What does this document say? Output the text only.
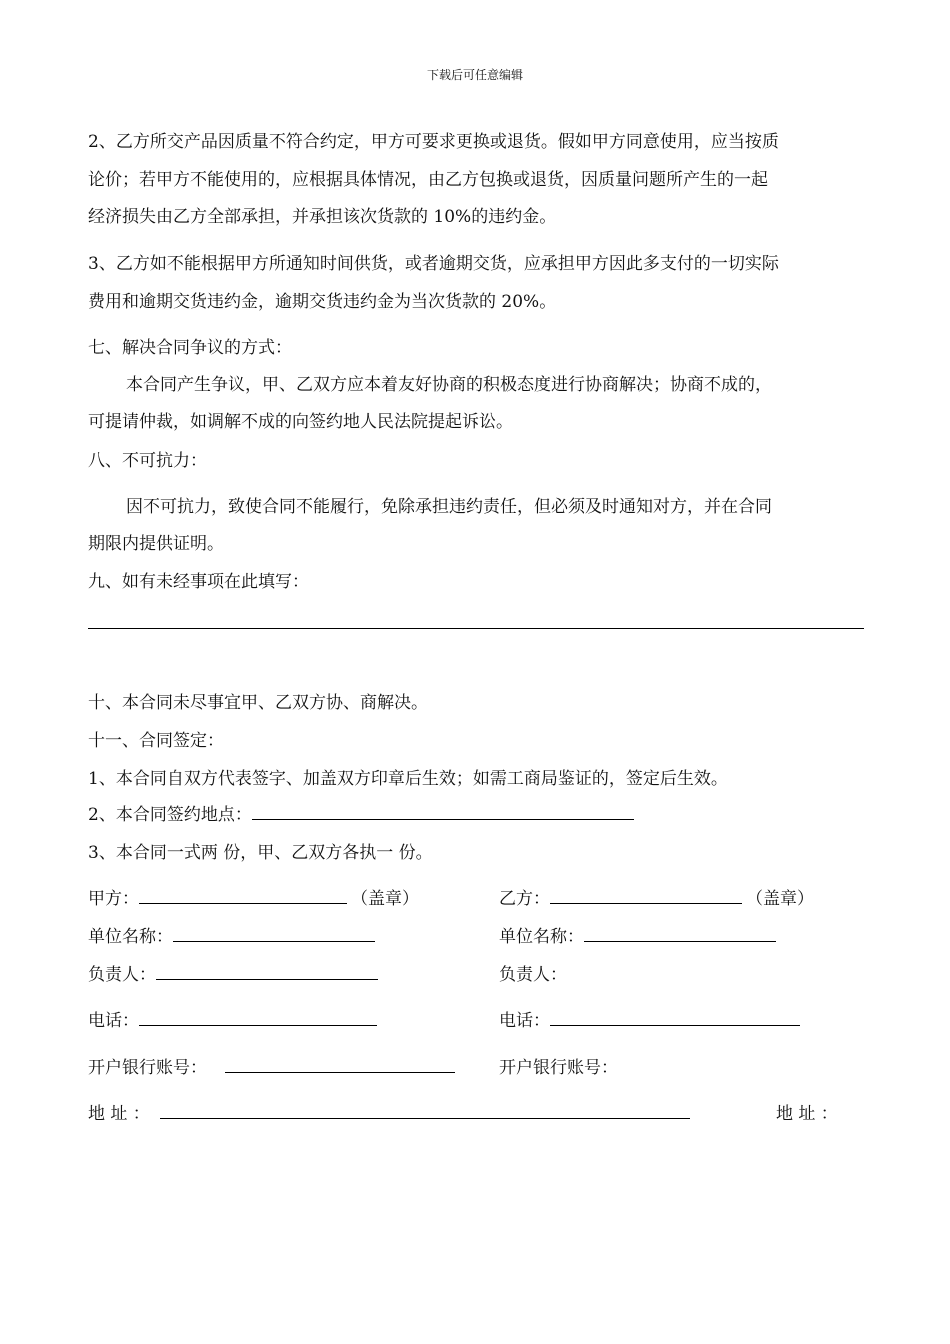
下载后可任意编辑
2、乙方所交产品因质量不符合约定，甲方可要求更换或退货。假如甲方同意使用，应当按质
论价；若甲方不能使用的，应根据具体情况，由乙方包换或退货，因质量问题所产生的一起
经济损失由乙方全部承担，并承担该次货款的 10%的违约金。
3、乙方如不能根据甲方所通知时间供货，或者逾期交货，应承担甲方因此多支付的一切实际
费用和逾期交货违约金，逾期交货违约金为当次货款的 20%。
七、解决合同争议的方式：
本合同产生争议，甲、乙双方应本着友好协商的积极态度进行协商解决；协商不成的，
可提请仲裁，如调解不成的向签约地人民法院提起诉讼。
八、不可抗力：
因不可抗力，致使合同不能履行，免除承担违约责任，但必须及时通知对方，并在合同
期限内提供证明。
九、如有未经事项在此填写：
十、本合同未尽事宜甲、乙双方协、商解决。
十一、合同签定：
1、本合同自双方代表签字、加盖双方印章后生效；如需工商局鉴证的，签定后生效。
2、本合同签约地点：
3、本合同一式两 份，甲、乙双方各执一 份。
甲方：	（盖章）
单位名称：
负责人：
电话：
开户银行账号：
地 址 ：
乙方：	（盖章）
单位名称：
负责人：
电话：
开户银行账号：
地 址 ：
